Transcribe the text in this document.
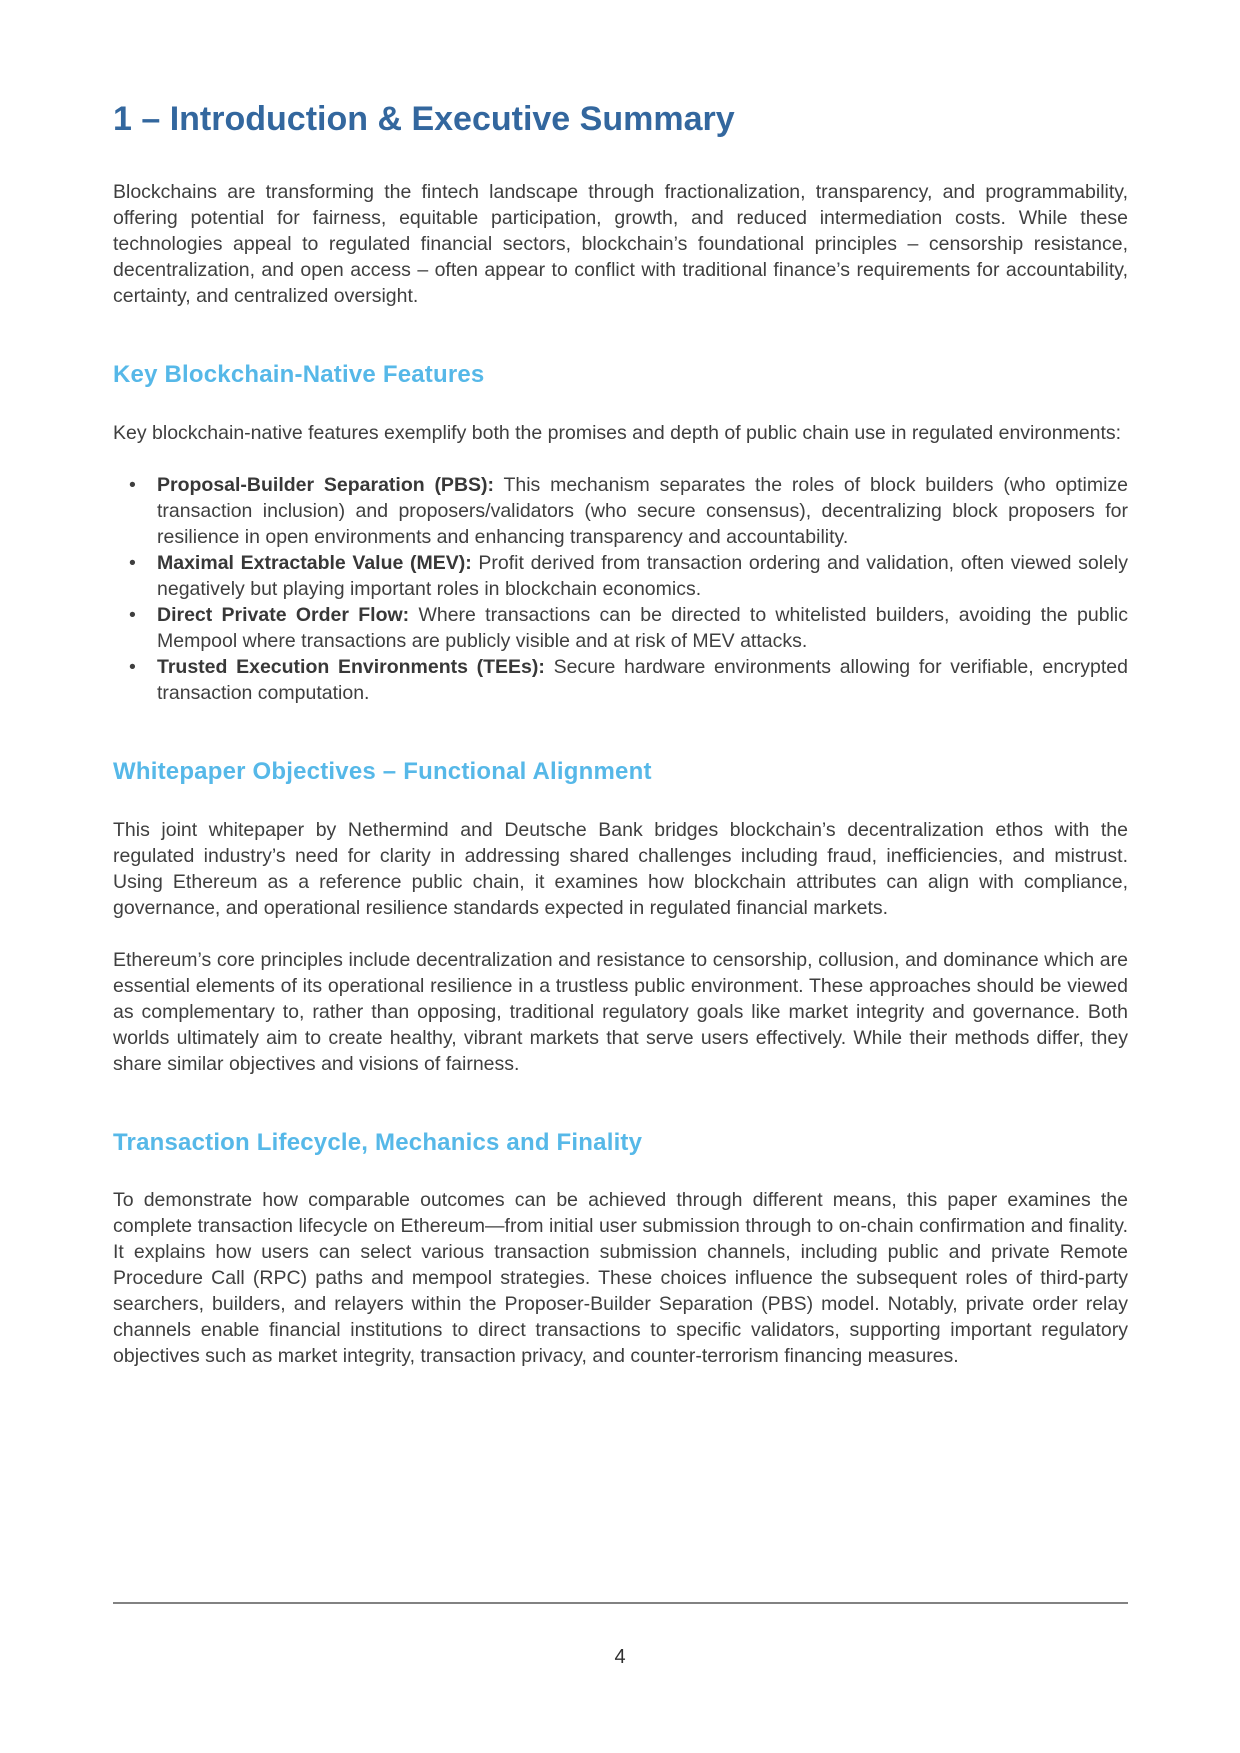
1 – Introduction & Executive Summary

Blockchains are transforming the fintech landscape through fractionalization, transparency, and programmability, offering potential for fairness, equitable participation, growth, and reduced intermediation costs. While these technologies appeal to regulated financial sectors, blockchain’s foundational principles – censorship resistance, decentralization, and open access – often appear to conflict with traditional finance’s requirements for accountability, certainty, and centralized oversight.

Key Blockchain-Native Features

Key blockchain-native features exemplify both the promises and depth of public chain use in regulated environments:

• Proposal-Builder Separation (PBS): This mechanism separates the roles of block builders (who optimize transaction inclusion) and proposers/validators (who secure consensus), decentralizing block proposers for resilience in open environments and enhancing transparency and accountability.
• Maximal Extractable Value (MEV): Profit derived from transaction ordering and validation, often viewed solely negatively but playing important roles in blockchain economics.
• Direct Private Order Flow: Where transactions can be directed to whitelisted builders, avoiding the public Mempool where transactions are publicly visible and at risk of MEV attacks.
• Trusted Execution Environments (TEEs): Secure hardware environments allowing for verifiable, encrypted transaction computation.
Whitepaper Objectives – Functional Alignment

This joint whitepaper by Nethermind and Deutsche Bank bridges blockchain’s decentralization ethos with the regulated industry’s need for clarity in addressing shared challenges including fraud, inefficiencies, and mistrust. Using Ethereum as a reference public chain, it examines how blockchain attributes can align with compliance, governance, and operational resilience standards expected in regulated financial markets.

Ethereum’s core principles include decentralization and resistance to censorship, collusion, and dominance which are essential elements of its operational resilience in a trustless public environment. These approaches should be viewed as complementary to, rather than opposing, traditional regulatory goals like market integrity and governance. Both worlds ultimately aim to create healthy, vibrant markets that serve users effectively. While their methods differ, they share similar objectives and visions of fairness.

Transaction Lifecycle, Mechanics and Finality

To demonstrate how comparable outcomes can be achieved through different means, this paper examines the complete transaction lifecycle on Ethereum—from initial user submission through to on-chain confirmation and finality. It explains how users can select various transaction submission channels, including public and private Remote Procedure Call (RPC) paths and mempool strategies. These choices influence the subsequent roles of third-party searchers, builders, and relayers within the Proposer-Builder Separation (PBS) model. Notably, private order relay channels enable financial institutions to direct transactions to specific validators, supporting important regulatory objectives such as market integrity, transaction privacy, and counter-terrorism financing measures.

4
